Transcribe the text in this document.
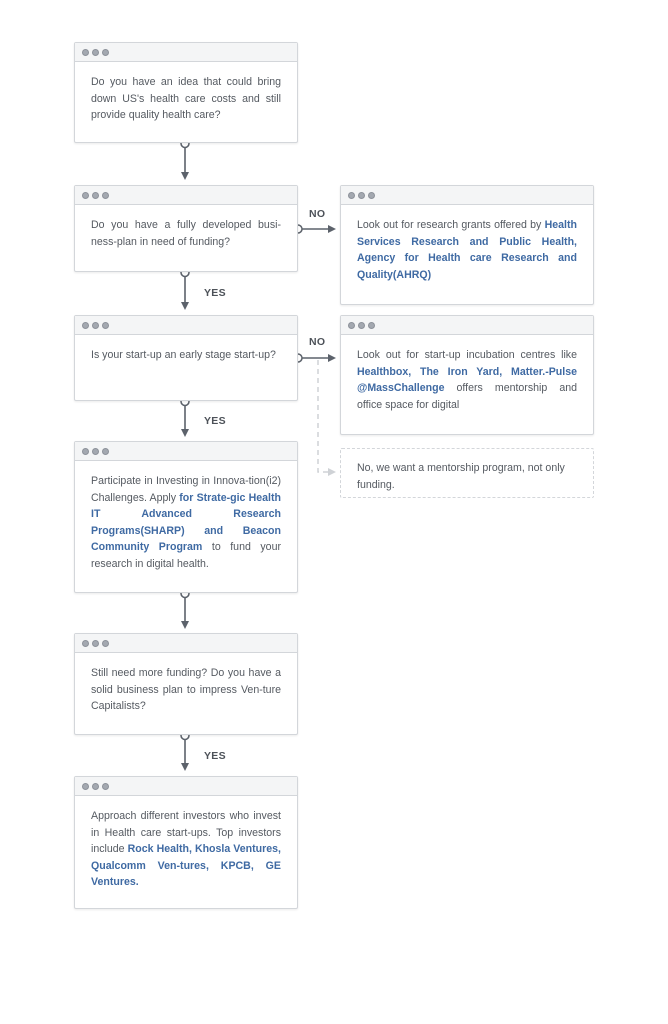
Do you have an idea that could bring down US's health care costs and still provide quality health care?
Do you have a fully developed busi-ness-plan in need of funding?
Look out for research grants offered by Health Services Research and Public Health, Agency for Health care Research and Quality(AHRQ)
Is your start-up an early stage start-up?	Look out for start-up incubation centres like Healthbox, The Iron Yard, Matter.-Pulse @MassChallenge offers mentorship and office space for digital
No, we want a mentorship program, not only funding.
Participate in Investing in Innova-tion(i2) Challenges. Apply for Strate-gic Health IT Advanced Research Programs(SHARP) and Beacon Community Program to fund your research in digital health.
Still need more funding? Do you have a solid business plan to impress Ven-ture Capitalists?
Approach different investors who invest in Health care start-ups. Top investors include Rock Health, Khosla Ventures, Qualcomm Ven-tures, KPCB, GE Ventures.
NO
NO
YES
YES
YES
